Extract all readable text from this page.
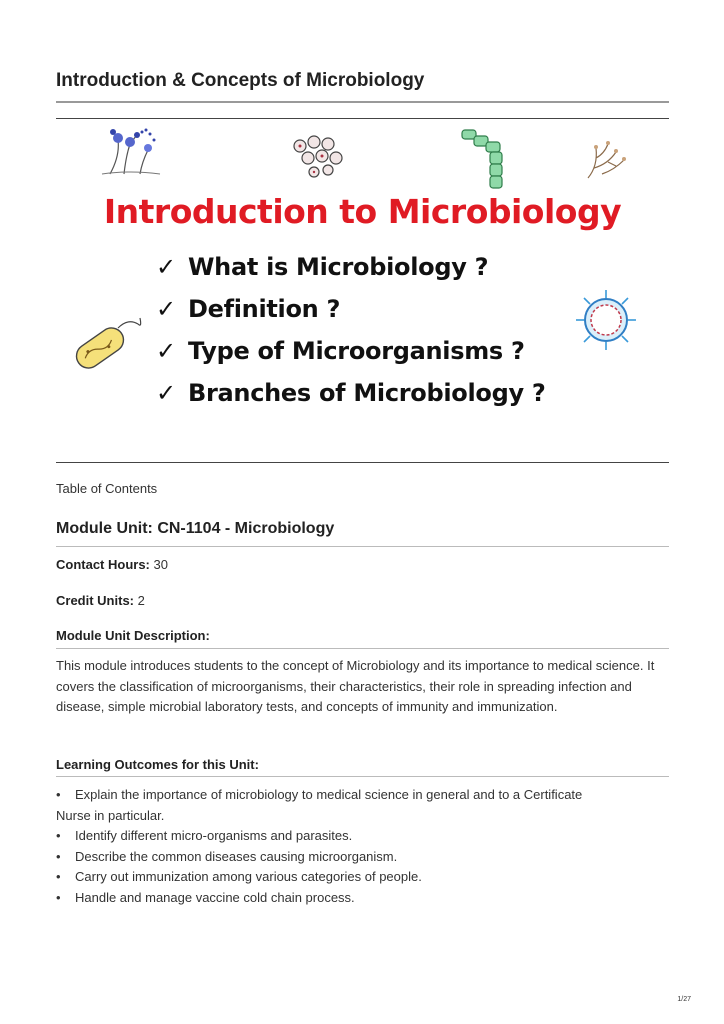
Introduction & Concepts of Microbiology
Introduction to Microbiology
✓ What is Microbiology ?
✓ Definition ?
✓ Type of Microorganisms ?
✓ Branches of Microbiology ?
Table of Contents
Module Unit: CN-1104 - Microbiology
Contact Hours: 30
Credit Units: 2
Module Unit Description:

This module introduces students to the concept of Microbiology and its importance to medical science. It covers the classification of microorganisms, their characteristics, their role in spreading infection and disease, simple microbial laboratory tests, and concepts of immunity and immunization.

Learning Outcomes for this Unit:
• Explain the importance of microbiology to medical science in general and to a Certificate
Nurse in particular.
• Identify different micro-organisms and parasites.
• Describe the common diseases causing microorganism.
• Carry out immunization among various categories of people.
• Handle and manage vaccine cold chain process.
1/27
